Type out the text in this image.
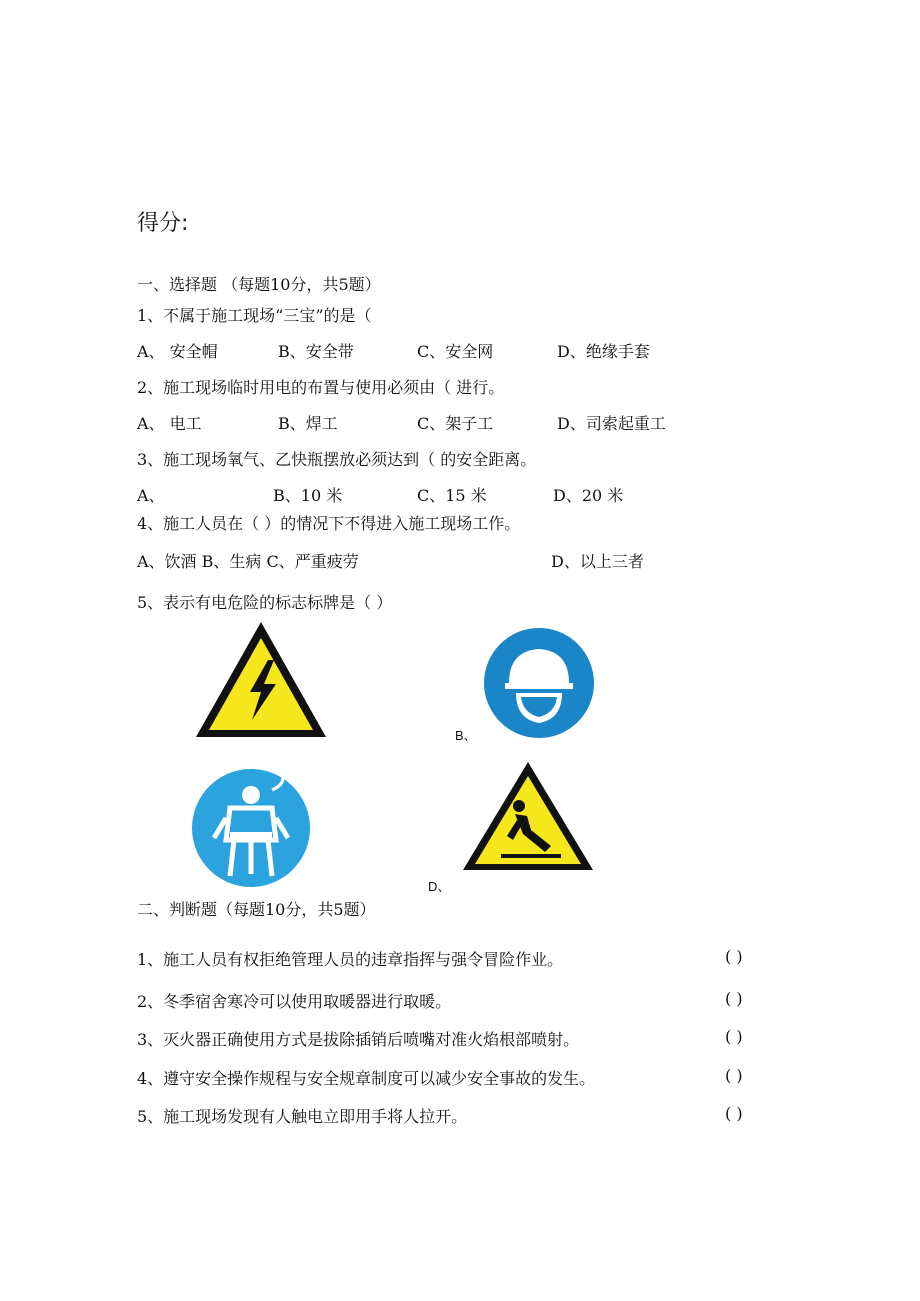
得分:
一、选择题 （每题10分，共5题）
1、不属于施工现场“三宝”的是（
A、 安全帽	B、安全带	C、安全网	D、绝缘手套
2、施工现场临时用电的布置与使用必须由（ 进行。
A、 电工	B、焊工	C、架子工	D、司索起重工
3、施工现场氧气、乙快瓶摆放必须达到（ 的安全距离。
A、	B、10 米	C、15 米	D、20 米
4、施工人员在（ ）的情况下不得进入施工现场工作。
A、饮酒 B、生病 C、严重疲劳	D、以上三者
5、表示有电危险的标志标牌是（ ）
B、
D、
二、判断题（每题10分，共5题）
1、施工人员有权拒绝管理人员的违章指挥与强令冒险作业。	( )
2、冬季宿舍寒冷可以使用取暖器进行取暖。	( )
3、灭火器正确使用方式是拔除插销后喷嘴对准火焰根部喷射。	( )
4、遵守安全操作规程与安全规章制度可以减少安全事故的发生。	( )
5、施工现场发现有人触电立即用手将人拉开。	( )
